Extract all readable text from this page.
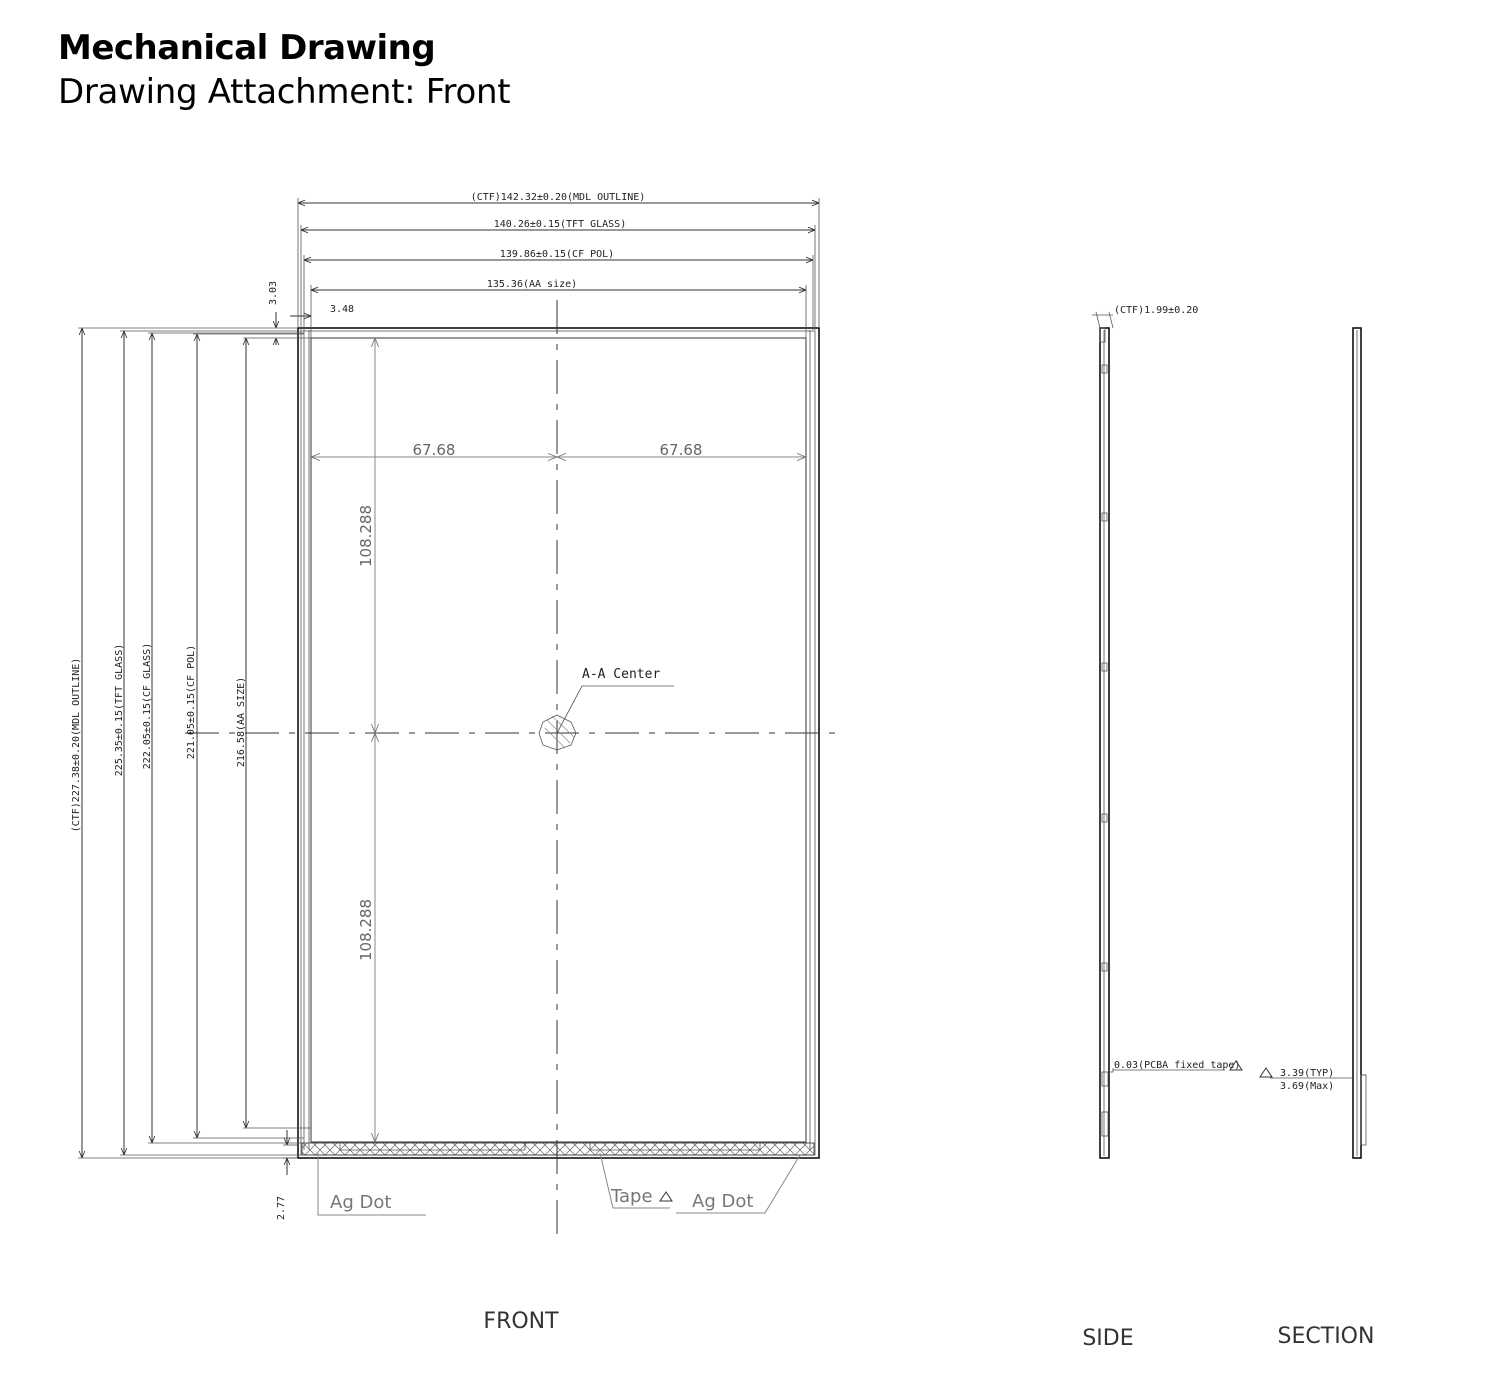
Mechanical Drawing
Drawing Attachment: Front
A-A Center
(CTF)142.32±0.20(MDL OUTLINE)
140.26±0.15(TFT GLASS)
139.86±0.15(CF POL)
135.36(AA size)
3.48
3.03
67.68	67.68
108.288
108.288
(CTF)227.38±0.20(MDL OUTLINE)	225.35±0.15(TFT GLASS) 222.05±0.15(CF GLASS)	221.05±0.15(CF POL)	216.58(AA SIZE)
2.77 Ag Dot	Tape Ag Dot
FRONT
(CTF)1.99±0.20
0.03(PCBA fixed tape)
SIDE
3.39(TYP)
3.69(Max)
SECTION
